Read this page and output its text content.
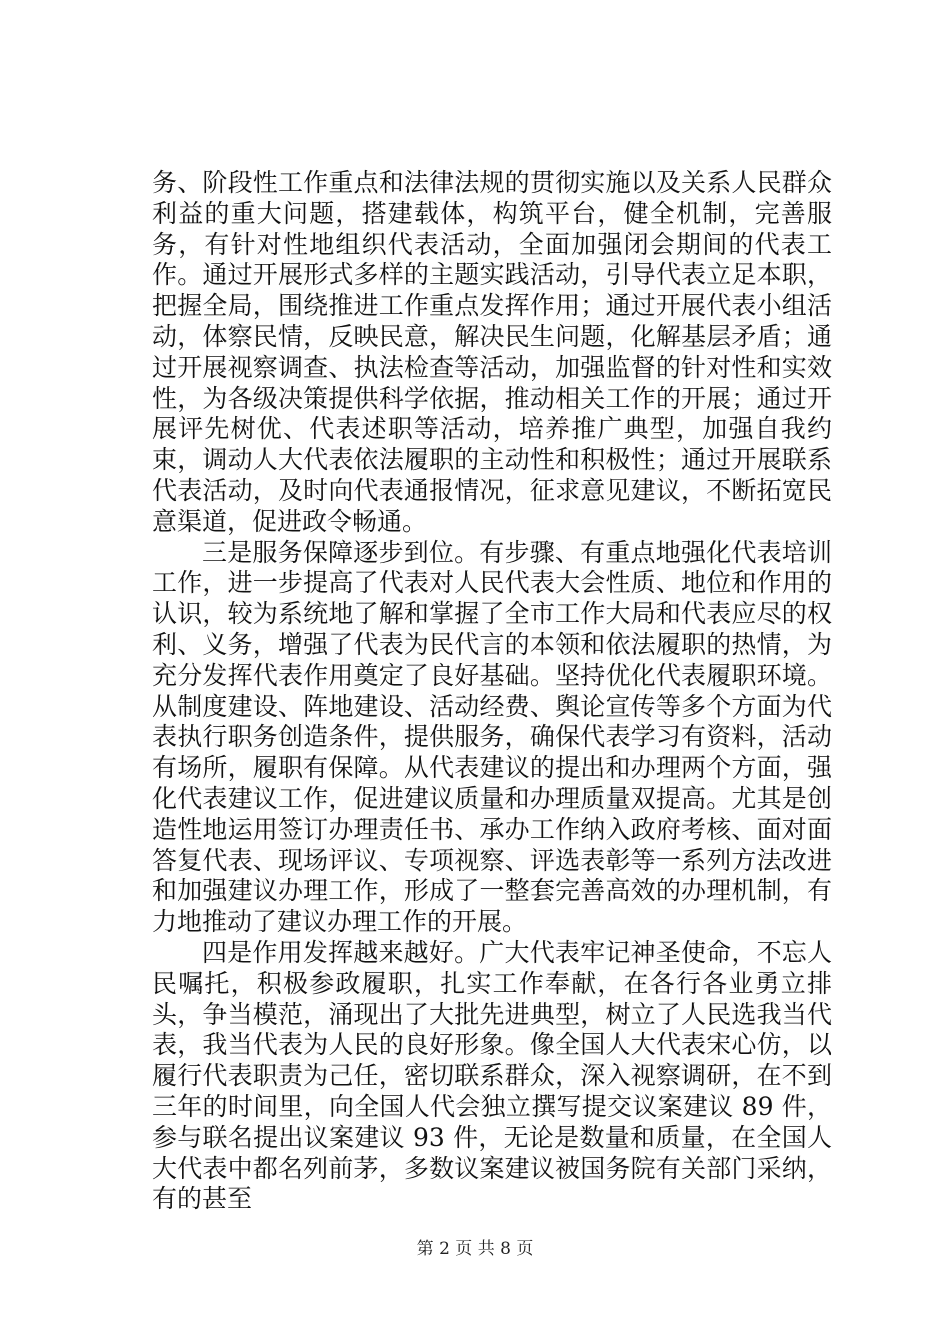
务、阶段性工作重点和法律法规的贯彻实施以及关系人民群众利益的重大问题，搭建载体，构筑平台，健全机制，完善服务，有针对性地组织代表活动，全面加强闭会期间的代表工作。通过开展形式多样的主题实践活动，引导代表立足本职，把握全局，围绕推进工作重点发挥作用；通过开展代表小组活动，体察民情，反映民意，解决民生问题，化解基层矛盾；通过开展视察调查、执法检查等活动，加强监督的针对性和实效性，为各级决策提供科学依据，推动相关工作的开展；通过开展评先树优、代表述职等活动，培养推广典型，加强自我约束，调动人大代表依法履职的主动性和积极性；通过开展联系代表活动，及时向代表通报情况，征求意见建议，不断拓宽民意渠道，促进政令畅通。

三是服务保障逐步到位。有步骤、有重点地强化代表培训工作，进一步提高了代表对人民代表大会性质、地位和作用的认识，较为系统地了解和掌握了全市工作大局和代表应尽的权利、义务，增强了代表为民代言的本领和依法履职的热情，为充分发挥代表作用奠定了良好基础。坚持优化代表履职环境。从制度建设、阵地建设、活动经费、舆论宣传等多个方面为代表执行职务创造条件，提供服务，确保代表学习有资料，活动有场所，履职有保障。从代表建议的提出和办理两个方面，强化代表建议工作，促进建议质量和办理质量双提高。尤其是创造性地运用签订办理责任书、承办工作纳入政府考核、面对面答复代表、现场评议、专项视察、评选表彰等一系列方法改进和加强建议办理工作，形成了一整套完善高效的办理机制，有力地推动了建议办理工作的开展。

四是作用发挥越来越好。广大代表牢记神圣使命，不忘人民嘱托，积极参政履职，扎实工作奉献，在各行各业勇立排头，争当模范，涌现出了大批先进典型，树立了人民选我当代表，我当代表为人民的良好形象。像全国人大代表宋心仿，以履行代表职责为己任，密切联系群众，深入视察调研，在不到三年的时间里，向全国人代会独立撰写提交议案建议 89 件，参与联名提出议案建议 93 件，无论是数量和质量，在全国人大代表中都名列前茅，多数议案建议被国务院有关部门采纳，有的甚至

第 2 页 共 8 页
